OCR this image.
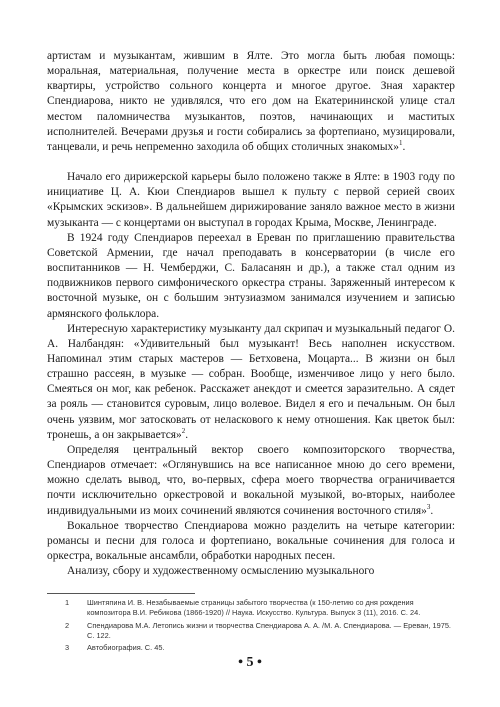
артистам и музыкантам, жившим в Ялте. Это могла быть любая помощь: моральная, материальная, получение места в оркестре или поиск дешевой квартиры, устройство сольного концерта и многое другое. Зная характер Спендиарова, никто не удивлялся, что его дом на Екатерининской улице стал местом паломничества музыкантов, поэтов, начинающих и маститых исполнителей. Вечерами друзья и гости собирались за фортепиано, музицировали, танцевали, и речь непременно заходила об общих столичных знакомых»$^1$.

Начало его дирижерской карьеры было положено также в Ялте: в 1903 году по инициативе Ц. А. Кюи Спендиаров вышел к пульту с первой серией своих «Крымских эскизов». В дальнейшем дирижирование заняло важное место в жизни музыканта — с концертами он выступал в городах Крыма, Москве, Ленинграде.

В 1924 году Спендиаров переехал в Ереван по приглашению правительства Советской Армении, где начал преподавать в консерватории (в числе его воспитанников — Н. Чемберджи, С. Баласанян и др.), а также стал одним из подвижников первого симфонического оркестра страны. Заряженный интересом к восточной музыке, он с большим энтузиазмом занимался изучением и записью армянского фольклора.

Интересную характеристику музыканту дал скрипач и музыкальный педагог О. А. Налбандян: «Удивительный был музыкант! Весь наполнен искусством. Напоминал этим старых мастеров — Бетховена, Моцарта... В жизни он был страшно рассеян, в музыке — собран. Вообще, изменчивое лицо у него было. Смеяться он мог, как ребенок. Расскажет анекдот и смеется заразительно. А сядет за рояль — становится суровым, лицо волевое. Видел я его и печальным. Он был очень уязвим, мог затосковать от неласкового к нему отношения. Как цветок был: тронешь, а он закрывается»$^2$.

Определяя центральный вектор своего композиторского творчества, Спендиаров отмечает: «Оглянувшись на все написанное мною до сего времени, можно сделать вывод, что, во-первых, сфера моего творчества ограничивается почти исключительно оркестровой и вокальной музыкой, во-вторых, наиболее индивидуальными из моих сочинений являются сочинения восточного стиля»$^3$.

Вокальное творчество Спендиарова можно разделить на четыре категории: романсы и песни для голоса и фортепиано, вокальные сочинения для голоса и оркестра, вокальные ансамбли, обработки народных песен.

Анализу, сбору и художественному осмыслению музыкального

1	Шинтяпина И. В. Незабываемые страницы забытого творчества (к 150-летию со дня рождения композитора В.И. Ребикова (1866-1920) // Наука. Искусство. Культура. Выпуск 3 (11), 2016. С. 24.
2	Спендиарова М.А. Летопись жизни и творчества Спендиарова А. А. /М. А. Спендиарова. — Ереван, 1975. С. 122.
3	Автобиография. С. 45.
• 5 •
